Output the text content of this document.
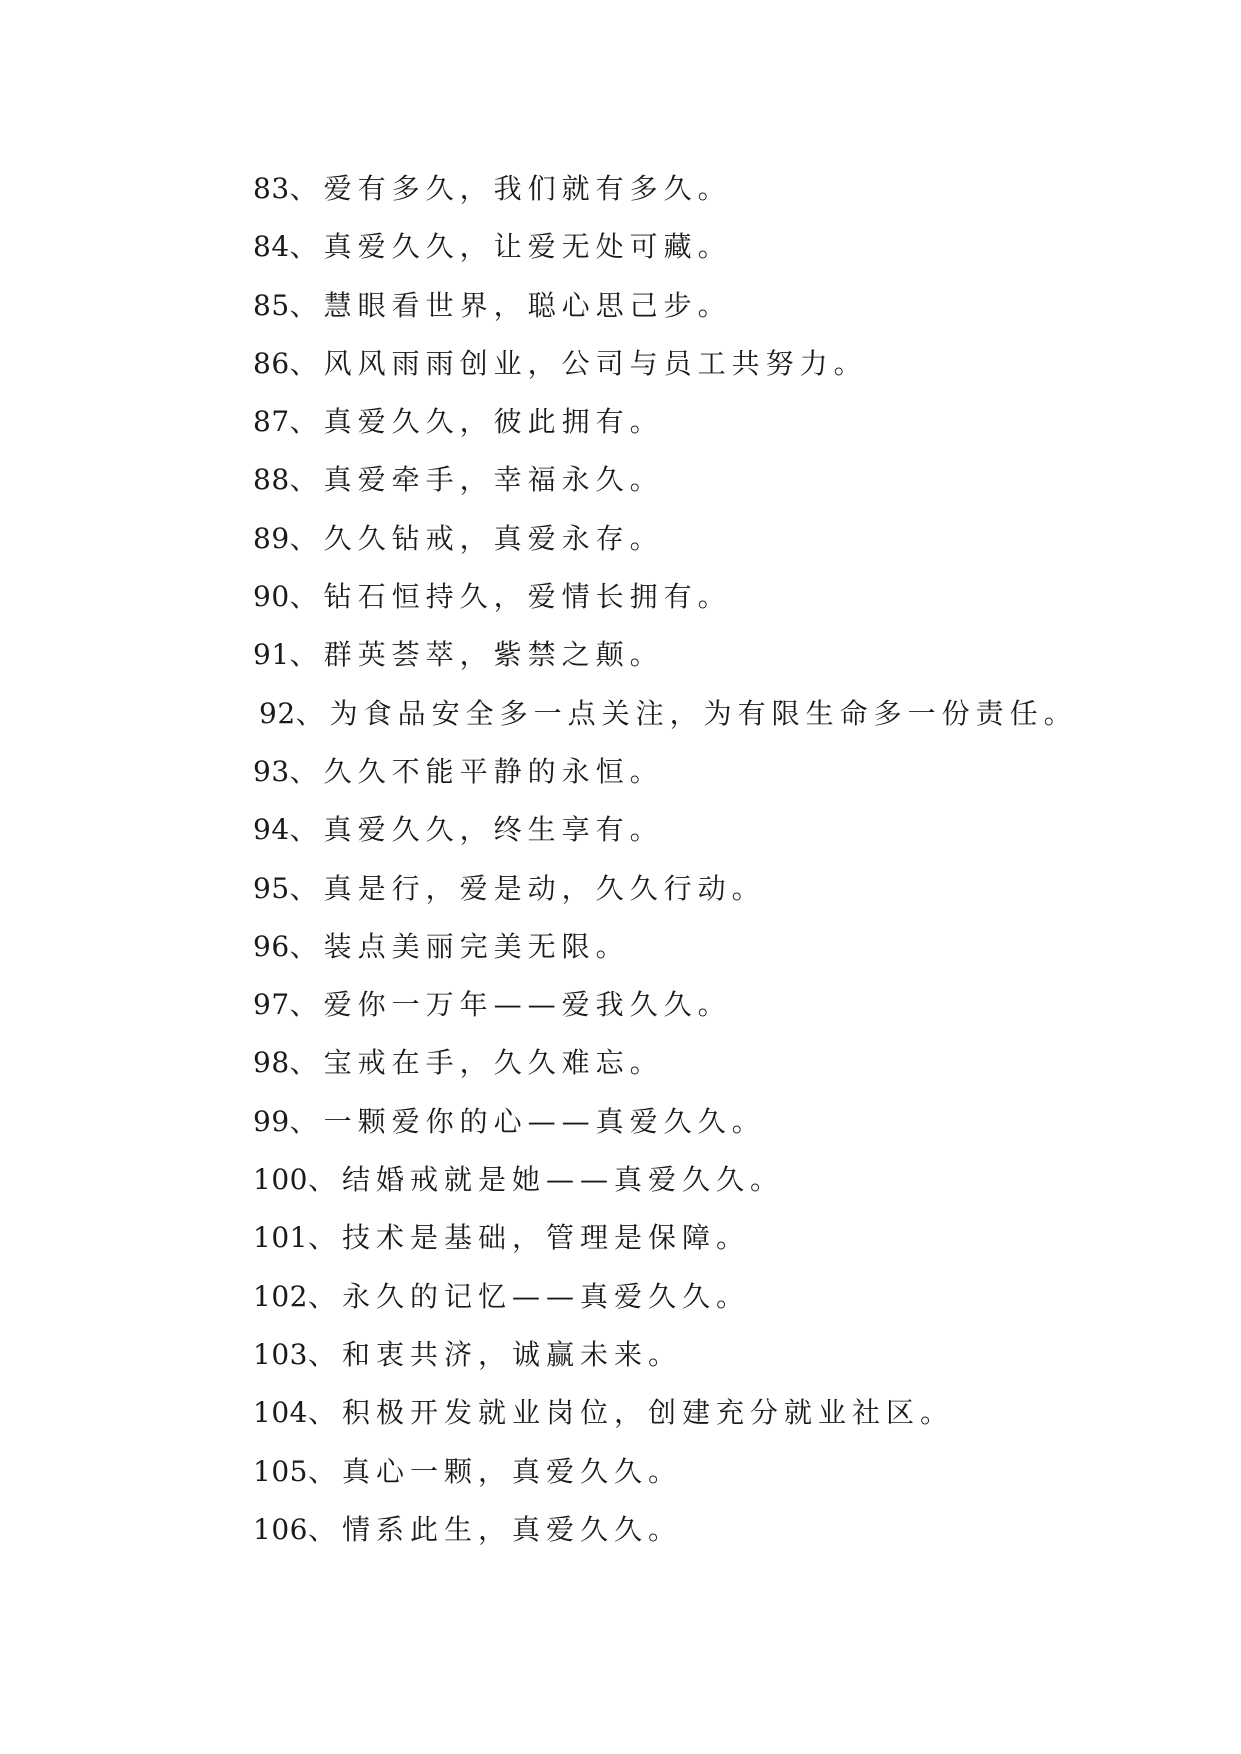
83、爱有多久，我们就有多久。
84、真爱久久，让爱无处可藏。
85、慧眼看世界，聪心思己步。
86、风风雨雨创业，公司与员工共努力。
87、真爱久久，彼此拥有。
88、真爱牵手，幸福永久。
89、久久钻戒，真爱永存。
90、钻石恒持久，爱情长拥有。
91、群英荟萃，紫禁之颠。
92、为食品安全多一点关注，为有限生命多一份责任。
93、久久不能平静的永恒。
94、真爱久久，终生享有。
95、真是行，爱是动，久久行动。
96、装点美丽完美无限。
97、爱你一万年——爱我久久。
98、宝戒在手，久久难忘。
99、一颗爱你的心——真爱久久。
100、结婚戒就是她——真爱久久。
101、技术是基础，管理是保障。
102、永久的记忆——真爱久久。
103、和衷共济，诚赢未来。
104、积极开发就业岗位，创建充分就业社区。
105、真心一颗，真爱久久。
106、情系此生，真爱久久。
